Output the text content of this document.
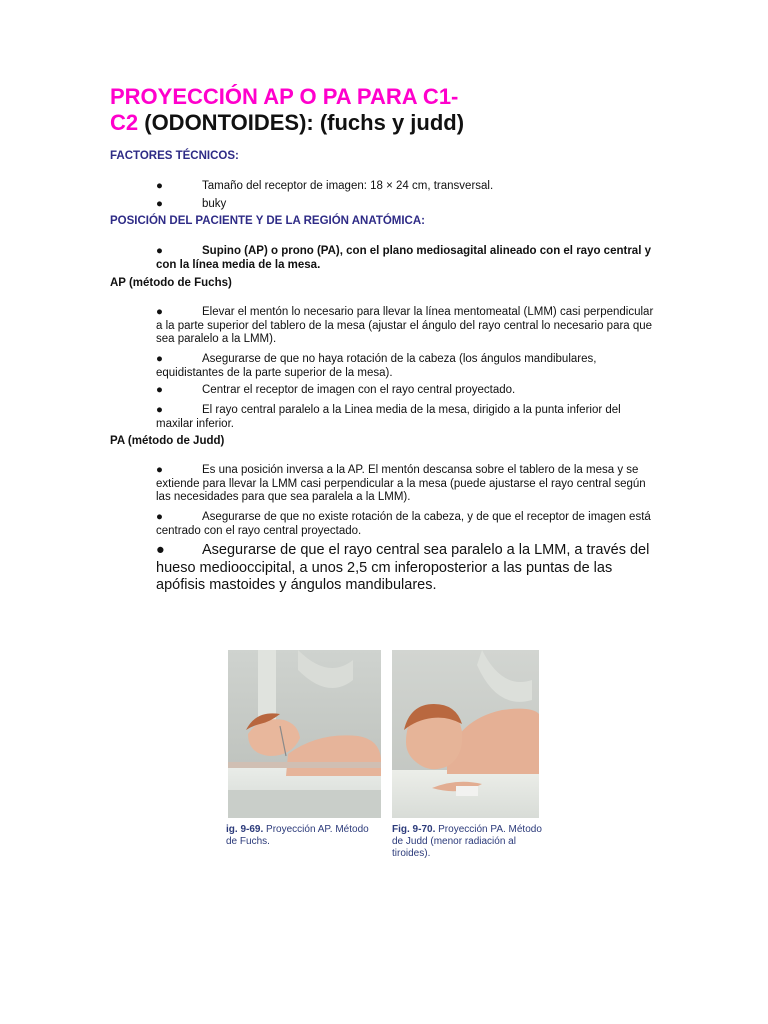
PROYECCIÓN AP O PA PARA C1-
C2 (ODONTOIDES): (fuchs y judd)

FACTORES TÉCNICOS:

●	Tamaño del receptor de imagen: 18 × 24 cm, transversal.
●	buky

POSICIÓN DEL PACIENTE Y DE LA REGIÓN ANATÓMICA:

●	Supino (AP) o prono (PA), con el plano mediosagital alineado con el rayo central y con la línea media de la mesa.

AP (método de Fuchs)

●	Elevar el mentón lo necesario para llevar la línea mentomeatal (LMM) casi perpendicular a la parte superior del tablero de la mesa (ajustar el ángulo del rayo central lo necesario para que sea paralelo a la LMM).
●	Asegurarse de que no haya rotación de la cabeza (los ángulos mandibulares, equidistantes de la parte superior de la mesa).
●	Centrar el receptor de imagen con el rayo central proyectado.
●	El rayo central paralelo a la Linea media de la mesa, dirigido a la punta inferior del maxilar inferior.

PA (método de Judd)

●	Es una posición inversa a la AP. El mentón descansa sobre el tablero de la mesa y se extiende para llevar la LMM casi perpendicular a la mesa (puede ajustarse el rayo central según las necesidades para que sea paralela a la LMM).
●	Asegurarse de que no existe rotación de la cabeza, y de que el receptor de imagen está centrado con el rayo central proyectado.
●	Asegurarse de que el rayo central sea paralelo a la LMM, a través del hueso mediooccipital, a unos 2,5 cm inferoposterior a las puntas de las apófisis mastoides y ángulos mandibulares.
ig. 9-69. Proyección AP. Método de Fuchs.
Fig. 9-70. Proyección PA. Método de Judd (menor radiación al tiroides).
